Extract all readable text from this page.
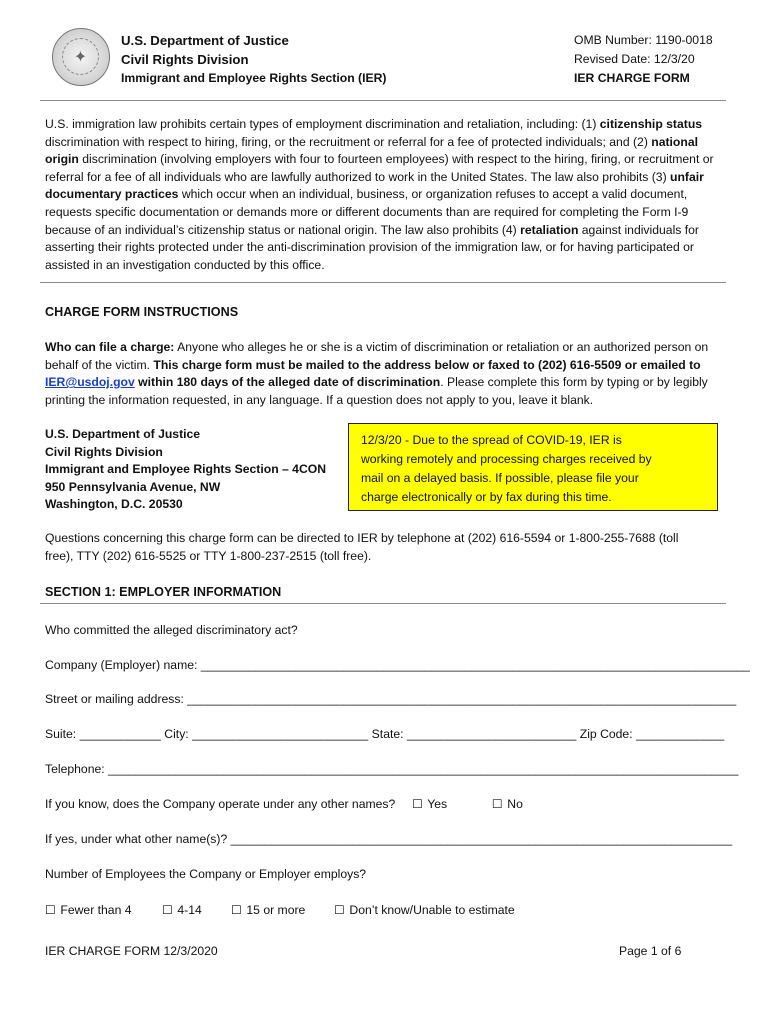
✦
U.S. Department of Justice
Civil Rights Division
Immigrant and Employee Rights Section (IER)
OMB Number: 1190-0018
Revised Date: 12/3/20
IER CHARGE FORM
U.S. immigration law prohibits certain types of employment discrimination and retaliation, including: (1) citizenship status discrimination with respect to hiring, firing, or the recruitment or referral for a fee of protected individuals; and (2) national origin discrimination (involving employers with four to fourteen employees) with respect to the hiring, firing, or recruitment or referral for a fee of all individuals who are lawfully authorized to work in the United States. The law also prohibits (3) unfair documentary practices which occur when an individual, business, or organization refuses to accept a valid document, requests specific documentation or demands more or different documents than are required for completing the Form I-9 because of an individual’s citizenship status or national origin. The law also prohibits (4) retaliation against individuals for asserting their rights protected under the anti-discrimination provision of the immigration law, or for having participated or assisted in an investigation conducted by this office.
CHARGE FORM INSTRUCTIONS
Who can file a charge: Anyone who alleges he or she is a victim of discrimination or retaliation or an authorized person on behalf of the victim. This charge form must be mailed to the address below or faxed to (202) 616-5509 or emailed to IER@usdoj.gov within 180 days of the alleged date of discrimination. Please complete this form by typing or by legibly printing the information requested, in any language. If a question does not apply to you, leave it blank.
U.S. Department of Justice
Civil Rights Division
Immigrant and Employee Rights Section – 4CON
950 Pennsylvania Avenue, NW
Washington, D.C. 20530
12/3/20 - Due to the spread of COVID-19, IER is
working remotely and processing charges received by
mail on a delayed basis. If possible, please file your
charge electronically or by fax during this time.
Questions concerning this charge form can be directed to IER by telephone at (202) 616-5594 or 1-800-255-7688 (toll
free), TTY (202) 616-5525 or TTY 1-800-237-2515 (toll free).
SECTION 1: EMPLOYER INFORMATION
Who committed the alleged discriminatory act?
Company (Employer) name: _________________________________________________________________________________
Street or mailing address: _________________________________________________________________________________
Suite: ____________ City: __________________________ State: _________________________ Zip Code: _____________
Telephone: _____________________________________________________________________________________________
If you know, does the Company operate under any other names? ☐ Yes	☐ No
If yes, under what other name(s)? __________________________________________________________________________
Number of Employees the Company or Employer employs?
☐ Fewer than 4	☐ 4-14 ☐ 15 or more ☐ Don’t know/Unable to estimate
IER CHARGE FORM 12/3/2020	Page 1 of 6
